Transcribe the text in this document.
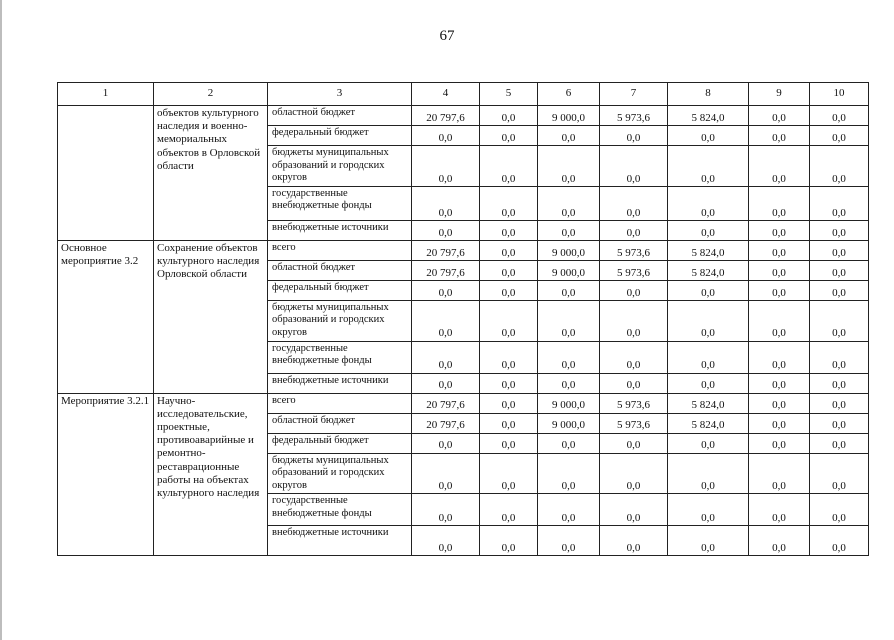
67
1	2	3	4	5	6	7	8	9	10
	объектов культурного наследия и военно-мемориальных объектов в Орловской области	областной бюджет	20 797,6	0,0	9 000,0	5 973,6	5 824,0	0,0	0,0
		федеральный бюджет	0,0	0,0	0,0	0,0	0,0	0,0	0,0
		бюджеты муниципальных образований и городских округов	0,0	0,0	0,0	0,0	0,0	0,0	0,0
		государственные внебюджетные фонды	0,0	0,0	0,0	0,0	0,0	0,0	0,0
		внебюджетные источники	0,0	0,0	0,0	0,0	0,0	0,0	0,0
Основное мероприятие 3.2	Сохранение объектов культурного наследия Орловской области	всего	20 797,6	0,0	9 000,0	5 973,6	5 824,0	0,0	0,0
		областной бюджет	20 797,6	0,0	9 000,0	5 973,6	5 824,0	0,0	0,0
		федеральный бюджет	0,0	0,0	0,0	0,0	0,0	0,0	0,0
		бюджеты муниципальных образований и городских округов	0,0	0,0	0,0	0,0	0,0	0,0	0,0
		государственные внебюджетные фонды	0,0	0,0	0,0	0,0	0,0	0,0	0,0
		внебюджетные источники	0,0	0,0	0,0	0,0	0,0	0,0	0,0
Мероприятие 3.2.1	Научно-исследовательские, проектные, противоаварийные и ремонтно-реставрационные работы на объектах культурного наследия	всего	20 797,6	0,0	9 000,0	5 973,6	5 824,0	0,0	0,0
		областной бюджет	20 797,6	0,0	9 000,0	5 973,6	5 824,0	0,0	0,0
		федеральный бюджет	0,0	0,0	0,0	0,0	0,0	0,0	0,0
		бюджеты муниципальных образований и городских округов	0,0	0,0	0,0	0,0	0,0	0,0	0,0
		государственные внебюджетные фонды	0,0	0,0	0,0	0,0	0,0	0,0	0,0
		внебюджетные источники	0,0	0,0	0,0	0,0	0,0	0,0	0,0
